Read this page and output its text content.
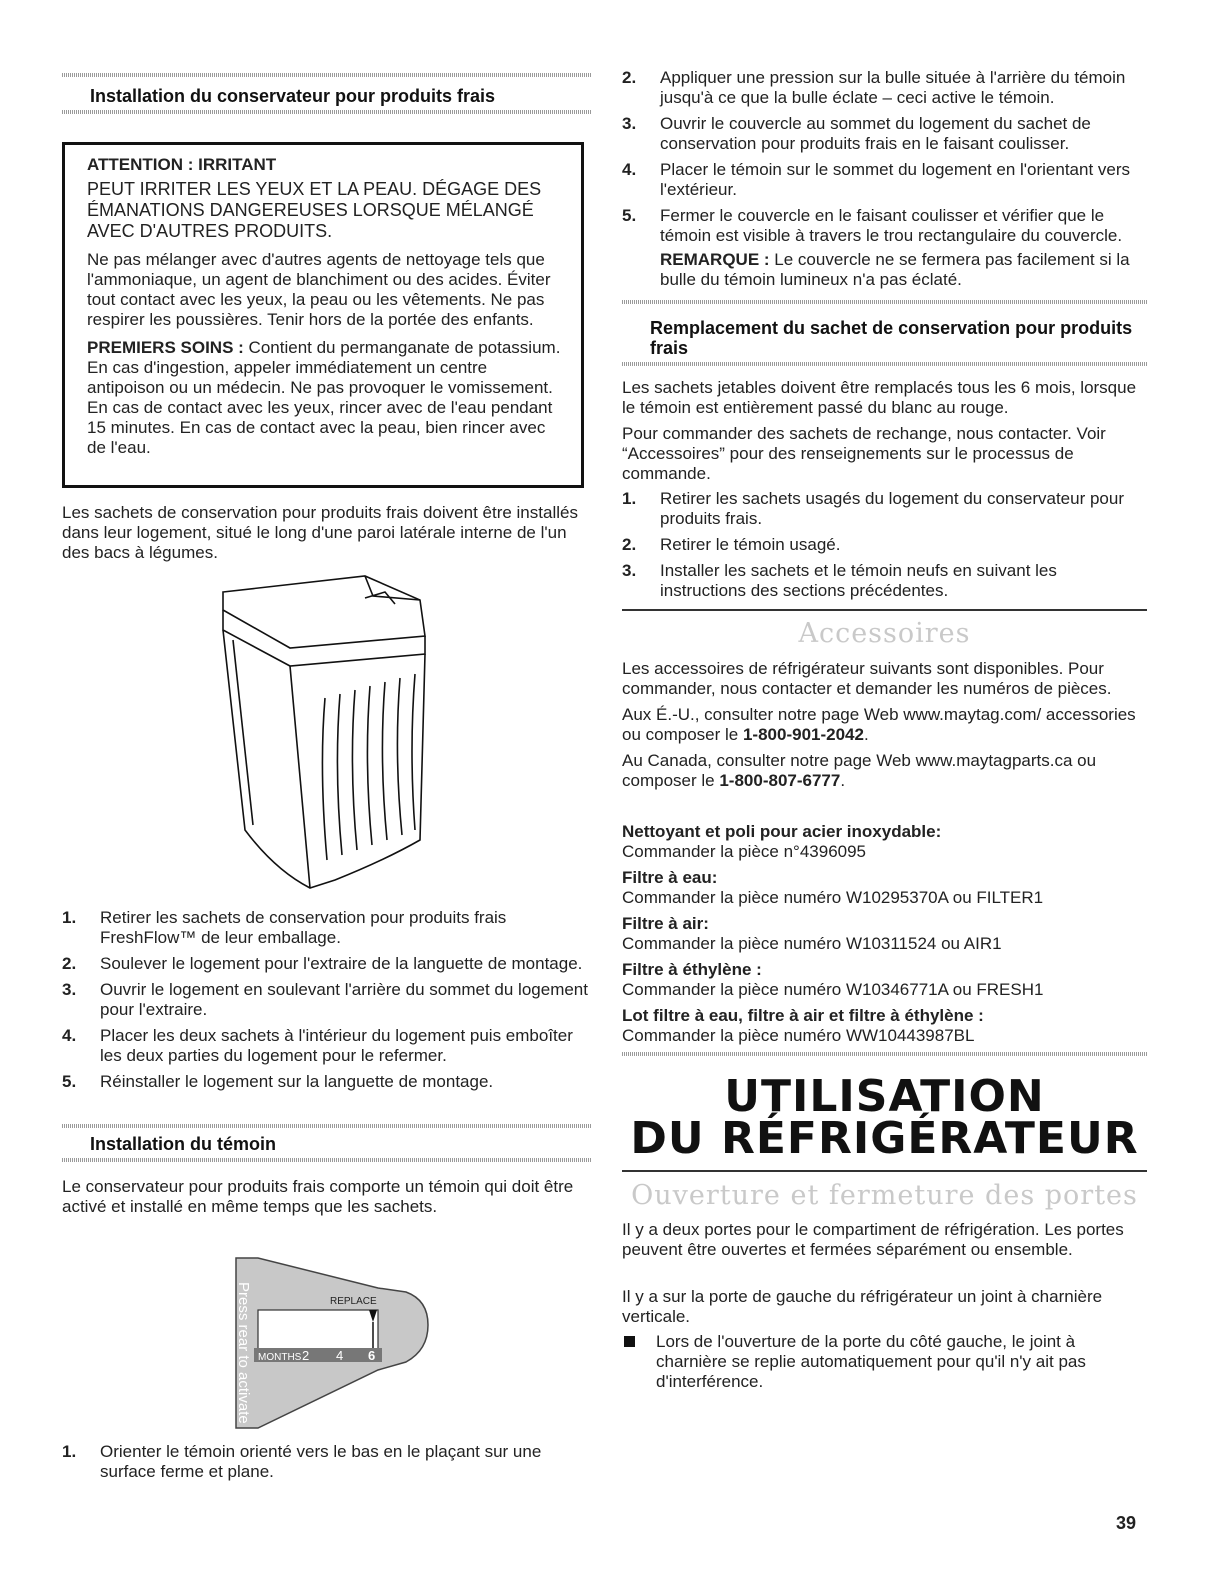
Installation du conservateur pour produits frais
ATTENTION : IRRITANT
PEUT IRRITER LES YEUX ET LA PEAU. DÉGAGE DES ÉMANATIONS DANGEREUSES LORSQUE MÉLANGÉ AVEC D'AUTRES PRODUITS.

Ne pas mélanger avec d'autres agents de nettoyage tels que l'ammoniaque, un agent de blanchiment ou des acides. Éviter tout contact avec les yeux, la peau ou les vêtements. Ne pas respirer les poussières. Tenir hors de la portée des enfants.

PREMIERS SOINS : Contient du permanganate de potassium. En cas d'ingestion, appeler immédiatement un centre antipoison ou un médecin. Ne pas provoquer le vomissement. En cas de contact avec les yeux, rincer avec de l'eau pendant 15 minutes. En cas de contact avec la peau, bien rincer avec de l'eau.

Les sachets de conservation pour produits frais doivent être installés dans leur logement, situé le long d'une paroi latérale interne de l'un des bacs à légumes.

1. Retirer les sachets de conservation pour produits frais FreshFlow™ de leur emballage.
2. Soulever le logement pour l'extraire de la languette de montage.
3. Ouvrir le logement en soulevant l'arrière du sommet du logement pour l'extraire.
4. Placer les deux sachets à l'intérieur du logement puis emboîter les deux parties du logement pour le refermer.
5. Réinstaller le logement sur la languette de montage.
Installation du témoin

Le conservateur pour produits frais comporte un témoin qui doit être activé et installé en même temps que les sachets.

Press rear to activate	REPLACE
MONTHS 2 4 6
1. Orienter le témoin orienté vers le bas en le plaçant sur une surface ferme et plane.
2. Appliquer une pression sur la bulle située à l'arrière du témoin jusqu'à ce que la bulle éclate – ceci active le témoin.
3. Ouvrir le couvercle au sommet du logement du sachet de conservation pour produits frais en le faisant coulisser.
4. Placer le témoin sur le sommet du logement en l'orientant vers l'extérieur.
5. Fermer le couvercle en le faisant coulisser et vérifier que le témoin est visible à travers le trou rectangulaire du couvercle.

REMARQUE : Le couvercle ne se fermera pas facilement si la bulle du témoin lumineux n'a pas éclaté.

Remplacement du sachet de conservation pour produits frais

Les sachets jetables doivent être remplacés tous les 6 mois, lorsque le témoin est entièrement passé du blanc au rouge.

Pour commander des sachets de rechange, nous contacter. Voir “Accessoires” pour des renseignements sur le processus de commande.

1. Retirer les sachets usagés du logement du conservateur pour produits frais.
2. Retirer le témoin usagé.
3. Installer les sachets et le témoin neufs en suivant les instructions des sections précédentes.
Accessoires

Les accessoires de réfrigérateur suivants sont disponibles. Pour commander, nous contacter et demander les numéros de pièces.

Aux É.-U., consulter notre page Web www.maytag.com/ accessories ou composer le 1-800-901-2042.

Au Canada, consulter notre page Web www.maytagparts.ca ou composer le 1-800-807-6777.

Nettoyant et poli pour acier inoxydable:
Commander la pièce n°4396095
Filtre à eau:
Commander la pièce numéro W10295370A ou FILTER1
Filtre à air:
Commander la pièce numéro W10311524 ou AIR1
Filtre à éthylène :
Commander la pièce numéro W10346771A ou FRESH1
Lot filtre à eau, filtre à air et filtre à éthylène :
Commander la pièce numéro WW10443987BL
UTILISATION
DU RÉFRIGÉRATEUR
Ouverture et fermeture des portes

Il y a deux portes pour le compartiment de réfrigération. Les portes peuvent être ouvertes et fermées séparément ou ensemble.

Il y a sur la porte de gauche du réfrigérateur un joint à charnière verticale.

Lors de l'ouverture de la porte du côté gauche, le joint à charnière se replie automatiquement pour qu'il n'y ait pas d'interférence.
39
